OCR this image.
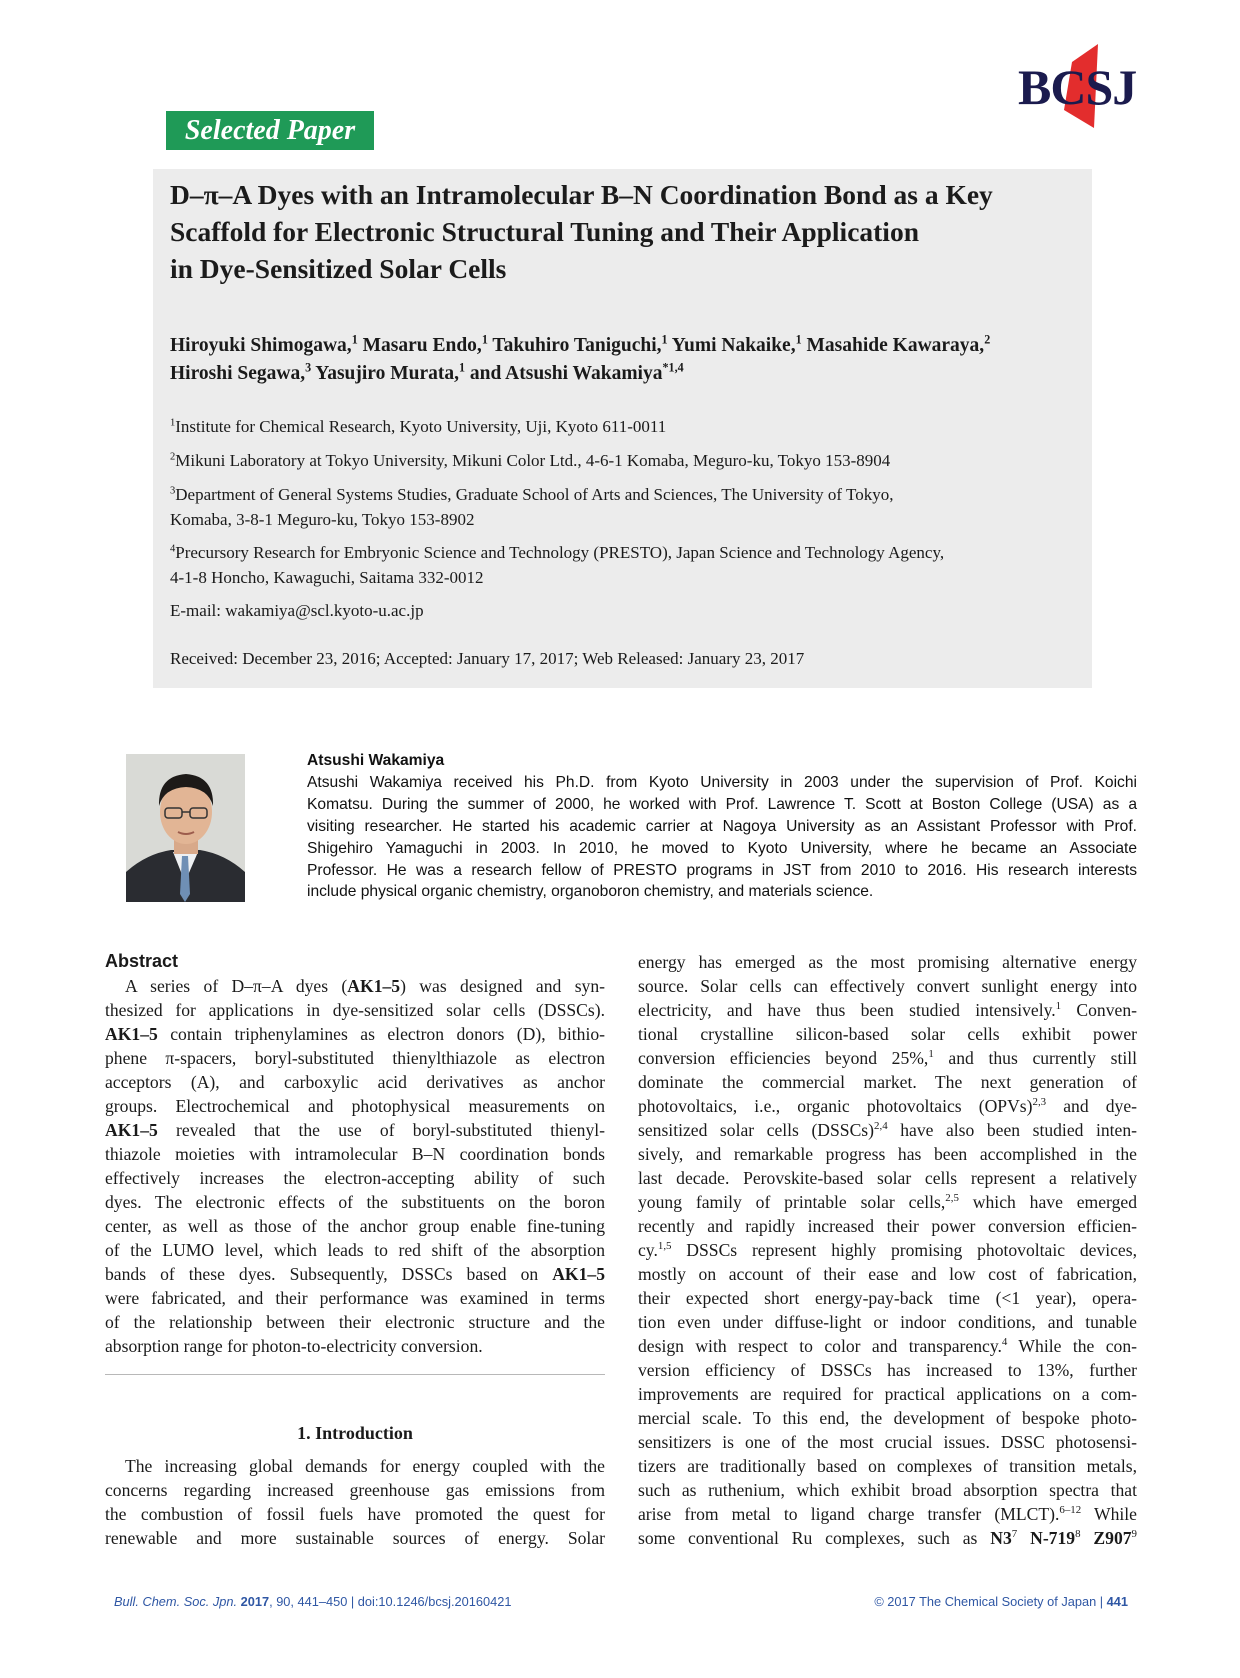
BCSJ
Selected Paper
D–π–A Dyes with an Intramolecular B–N Coordination Bond as a Key
Scaffold for Electronic Structural Tuning and Their Application
in Dye-Sensitized Solar Cells
Hiroyuki Shimogawa,$^1$ Masaru Endo,$^1$ Takuhiro Taniguchi,$^1$ Yumi Nakaike,$^1$ Masahide Kawaraya,$^2$
Hiroshi Segawa,$^3$ Yasujiro Murata,$^1$ and Atsushi Wakamiya$^{*1,4}$
$^1$Institute for Chemical Research, Kyoto University, Uji, Kyoto 611-0011
$^2$Mikuni Laboratory at Tokyo University, Mikuni Color Ltd., 4-6-1 Komaba, Meguro-ku, Tokyo 153-8904
$^3$Department of General Systems Studies, Graduate School of Arts and Sciences, The University of Tokyo,
Komaba, 3-8-1 Meguro-ku, Tokyo 153-8902
$^4$Precursory Research for Embryonic Science and Technology (PRESTO), Japan Science and Technology Agency,
4-1-8 Honcho, Kawaguchi, Saitama 332-0012
E-mail: wakamiya@scl.kyoto-u.ac.jp
Received: December 23, 2016; Accepted: January 17, 2017; Web Released: January 23, 2017
Atsushi Wakamiya
Atsushi Wakamiya received his Ph.D. from Kyoto University in 2003 under the supervision of Prof. Koichi
Komatsu. During the summer of 2000, he worked with Prof. Lawrence T. Scott at Boston College (USA) as a
visiting researcher. He started his academic carrier at Nagoya University as an Assistant Professor with Prof.
Shigehiro Yamaguchi in 2003. In 2010, he moved to Kyoto University, where he became an Associate
Professor. He was a research fellow of PRESTO programs in JST from 2010 to 2016. His research interests
include physical organic chemistry, organoboron chemistry, and materials science.
Abstract
A series of D–π–A dyes (AK1–5) was designed and syn-
thesized for applications in dye-sensitized solar cells (DSSCs).
AK1–5 contain triphenylamines as electron donors (D), bithio-
phene π-spacers, boryl-substituted thienylthiazole as electron
acceptors (A), and carboxylic acid derivatives as anchor
groups. Electrochemical and photophysical measurements on
AK1–5 revealed that the use of boryl-substituted thienyl-
thiazole moieties with intramolecular B–N coordination bonds
effectively increases the electron-accepting ability of such
dyes. The electronic effects of the substituents on the boron
center, as well as those of the anchor group enable fine-tuning
of the LUMO level, which leads to red shift of the absorption
bands of these dyes. Subsequently, DSSCs based on AK1–5
were fabricated, and their performance was examined in terms
of the relationship between their electronic structure and the
absorption range for photon-to-electricity conversion.
1. Introduction
The increasing global demands for energy coupled with the
concerns regarding increased greenhouse gas emissions from
the combustion of fossil fuels have promoted the quest for
renewable and more sustainable sources of energy. Solar
energy has emerged as the most promising alternative energy
source. Solar cells can effectively convert sunlight energy into
electricity, and have thus been studied intensively.$^1$ Conven-
tional crystalline silicon-based solar cells exhibit power
conversion efficiencies beyond 25%,$^1$ and thus currently still
dominate the commercial market. The next generation of
photovoltaics, i.e., organic photovoltaics (OPVs)$^{2,3}$ and dye-
sensitized solar cells (DSSCs)$^{2,4}$ have also been studied inten-
sively, and remarkable progress has been accomplished in the
last decade. Perovskite-based solar cells represent a relatively
young family of printable solar cells,$^{2,5}$ which have emerged
recently and rapidly increased their power conversion efficien-
cy.$^{1,5}$ DSSCs represent highly promising photovoltaic devices,
mostly on account of their ease and low cost of fabrication,
their expected short energy-pay-back time (<1 year), opera-
tion even under diffuse-light or indoor conditions, and tunable
design with respect to color and transparency.$^4$ While the con-
version efficiency of DSSCs has increased to 13%, further
improvements are required for practical applications on a com-
mercial scale. To this end, the development of bespoke photo-
sensitizers is one of the most crucial issues. DSSC photosensi-
tizers are traditionally based on complexes of transition metals,
such as ruthenium, which exhibit broad absorption spectra that
arise from metal to ligand charge transfer (MLCT).$^{6-12}$ While
some conventional Ru complexes, such as $N3^7$ $N-719^8$ $Z907^9$
Bull. Chem. Soc. Jpn. 2017, 90, 441–450 | doi:10.1246/bcsj.20160421	© 2017 The Chemical Society of Japan | 441
